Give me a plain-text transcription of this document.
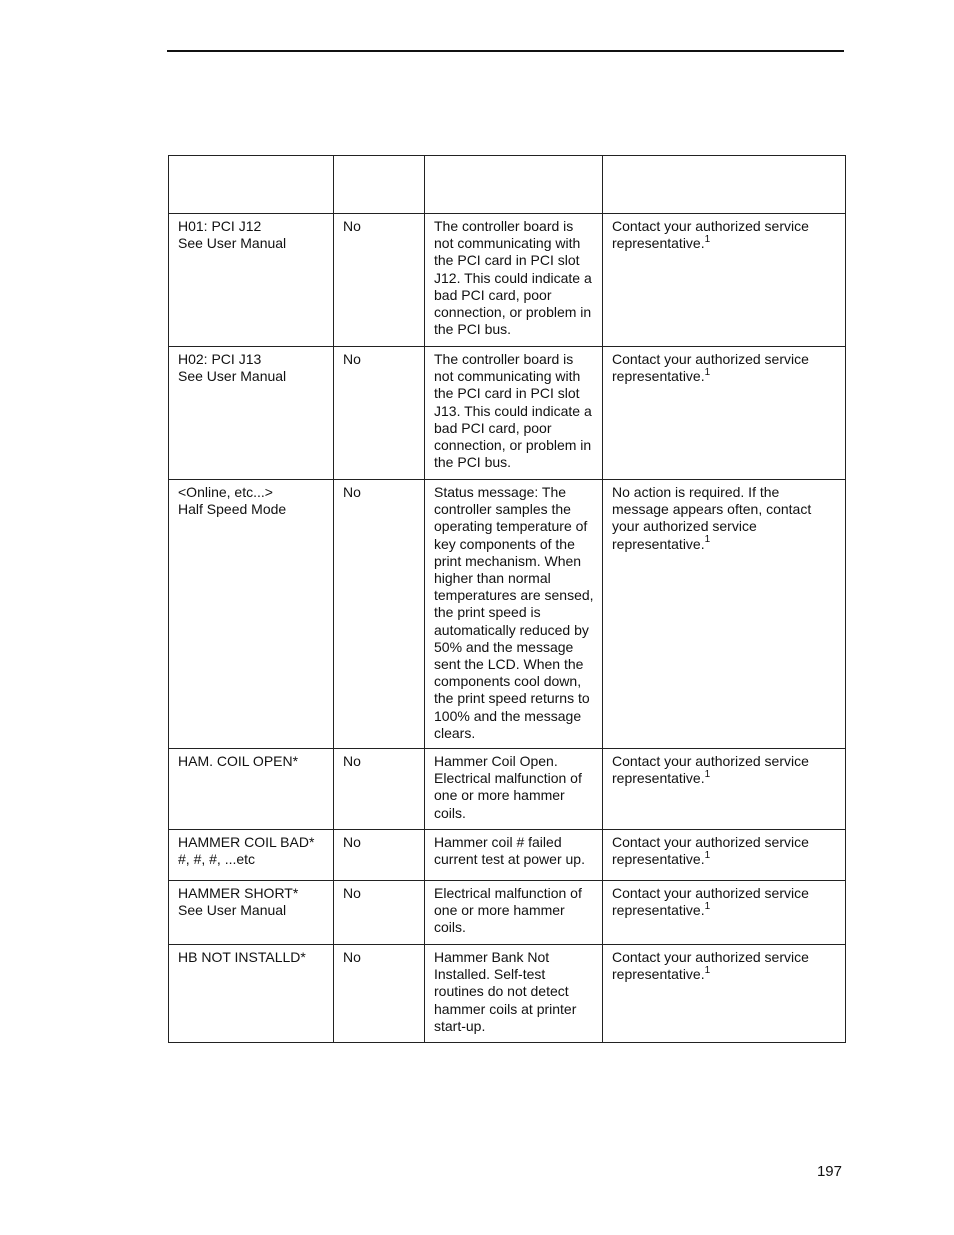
H01: PCI J12
See User Manual	No	The controller board is not communicating with the PCI card in PCI slot J12. This could indicate a bad PCI card, poor connection, or problem in the PCI bus.	Contact your authorized service representative.$^1$

H02: PCI J13
See User Manual	No	The controller board is not communicating with the PCI card in PCI slot J13. This could indicate a bad PCI card, poor connection, or problem in the PCI bus.	Contact your authorized service representative.$^1$

<Online, etc...>
Half Speed Mode	No	Status message: The controller samples the operating temperature of key components of the print mechanism. When higher than normal temperatures are sensed, the print speed is automatically reduced by 50% and the message sent the LCD. When the components cool down, the print speed returns to 100% and the message clears.	No action is required. If the message appears often, contact your authorized service representative.$^1$

HAM. COIL OPEN*	No	Hammer Coil Open. Electrical malfunction of one or more hammer coils.	Contact your authorized service representative.$^1$

HAMMER COIL BAD*
#, #, #, ...etc	No	Hammer coil # failed current test at power up.	Contact your authorized service representative.$^1$

HAMMER SHORT*
See User Manual	No	Electrical malfunction of one or more hammer coils.	Contact your authorized service representative.$^1$

HB NOT INSTALLD*	No	Hammer Bank Not Installed. Self-test routines do not detect hammer coils at printer start-up.	Contact your authorized service representative.$^1$
197
